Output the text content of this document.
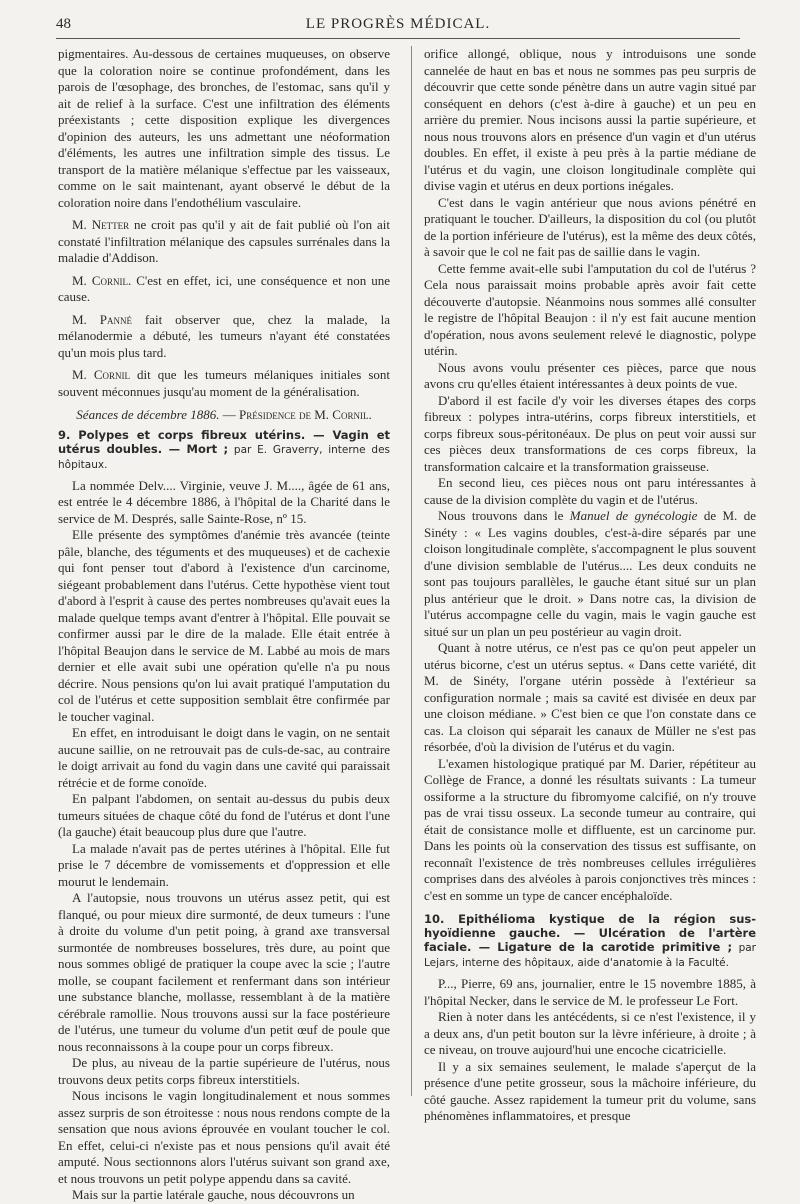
48	LE PROGRÈS MÉDICAL.

pigmentaires. Au-dessous de certaines muqueuses, on observe que la coloration noire se continue profondément, dans les parois de l'œsophage, des bronches, de l'estomac, sans qu'il y ait de relief à la surface. C'est une infiltration des éléments préexistants ; cette disposition explique les divergences d'opinion des auteurs, les uns admettant une néoformation d'éléments, les autres une infiltration simple des tissus. Le transport de la matière mélanique s'effectue par les vaisseaux, comme on le sait maintenant, ayant observé le début de la coloration noire dans l'endothélium vasculaire.

M. Netter ne croit pas qu'il y ait de fait publié où l'on ait constaté l'infiltration mélanique des capsules surrénales dans la maladie d'Addison.

M. Cornil. C'est en effet, ici, une conséquence et non une cause.

M. Panné fait observer que, chez la malade, la mélanodermie a débuté, les tumeurs n'ayant été constatées qu'un mois plus tard.

M. Cornil dit que les tumeurs mélaniques initiales sont souvent méconnues jusqu'au moment de la généralisation.

Séances de décembre 1886. — Présidence de M. Cornil.

9. Polypes et corps fibreux utérins. — Vagin et utérus doubles. — Mort ; par E. Graverry, interne des hôpitaux.

La nommée Delv.... Virginie, veuve J. M...., âgée de 61 ans, est entrée le 4 décembre 1886, à l'hôpital de la Charité dans le service de M. Després, salle Sainte-Rose, nº 15.

Elle présente des symptômes d'anémie très avancée (teinte pâle, blanche, des téguments et des muqueuses) et de cachexie qui font penser tout d'abord à l'existence d'un carcinome, siégeant probablement dans l'utérus. Cette hypothèse vient tout d'abord à l'esprit à cause des pertes nombreuses qu'avait eues la malade quelque temps avant d'entrer à l'hôpital. Elle pouvait se confirmer aussi par le dire de la malade. Elle était entrée à l'hôpital Beaujon dans le service de M. Labbé au mois de mars dernier et elle avait subi une opération qu'elle n'a pu nous décrire. Nous pensions qu'on lui avait pratiqué l'amputation du col de l'utérus et cette supposition semblait être confirmée par le toucher vaginal.

En effet, en introduisant le doigt dans le vagin, on ne sentait aucune saillie, on ne retrouvait pas de culs-de-sac, au contraire le doigt arrivait au fond du vagin dans une cavité qui paraissait rétrécie et de forme conoïde.

En palpant l'abdomen, on sentait au-dessus du pubis deux tumeurs situées de chaque côté du fond de l'utérus et dont l'une (la gauche) était beaucoup plus dure que l'autre.

La malade n'avait pas de pertes utérines à l'hôpital. Elle fut prise le 7 décembre de vomissements et d'oppression et elle mourut le lendemain.

A l'autopsie, nous trouvons un utérus assez petit, qui est flanqué, ou pour mieux dire surmonté, de deux tumeurs : l'une à droite du volume d'un petit poing, à grand axe transversal surmontée de nombreuses bosselures, très dure, au point que nous sommes obligé de pratiquer la coupe avec la scie ; l'autre molle, se coupant facilement et renfermant dans son intérieur une substance blanche, mollasse, ressemblant à de la matière cérébrale ramollie. Nous trouvons aussi sur la face postérieure de l'utérus, une tumeur du volume d'un petit œuf de poule que nous reconnaissons à la coupe pour un corps fibreux.

De plus, au niveau de la partie supérieure de l'utérus, nous trouvons deux petits corps fibreux interstitiels.

Nous incisons le vagin longitudinalement et nous sommes assez surpris de son étroitesse : nous nous rendons compte de la sensation que nous avions éprouvée en voulant toucher le col. En effet, celui-ci n'existe pas et nous pensions qu'il avait été amputé. Nous sectionnons alors l'utérus suivant son grand axe, et nous trouvons un petit polype appendu dans sa cavité.

Mais sur la partie latérale gauche, nous découvrons un

orifice allongé, oblique, nous y introduisons une sonde cannelée de haut en bas et nous ne sommes pas peu surpris de découvrir que cette sonde pénètre dans un autre vagin situé par conséquent en dehors (c'est à-dire à gauche) et un peu en arrière du premier. Nous incisons aussi la partie supérieure, et nous nous trouvons alors en présence d'un vagin et d'un utérus doubles. En effet, il existe à peu près à la partie médiane de l'utérus et du vagin, une cloison longitudinale complète qui divise vagin et utérus en deux portions inégales.

C'est dans le vagin antérieur que nous avions pénétré en pratiquant le toucher. D'ailleurs, la disposition du col (ou plutôt de la portion inférieure de l'utérus), est la même des deux côtés, à savoir que le col ne fait pas de saillie dans le vagin.

Cette femme avait-elle subi l'amputation du col de l'utérus ? Cela nous paraissait moins probable après avoir fait cette découverte d'autopsie. Néanmoins nous sommes allé consulter le registre de l'hôpital Beaujon : il n'y est fait aucune mention d'opération, nous avons seulement relevé le diagnostic, polype utérin.

Nous avons voulu présenter ces pièces, parce que nous avons cru qu'elles étaient intéressantes à deux points de vue.

D'abord il est facile d'y voir les diverses étapes des corps fibreux : polypes intra-utérins, corps fibreux interstitiels, et corps fibreux sous-péritonéaux. De plus on peut voir aussi sur ces pièces deux transformations de ces corps fibreux, la transformation calcaire et la transformation graisseuse.

En second lieu, ces pièces nous ont paru intéressantes à cause de la division complète du vagin et de l'utérus.

Nous trouvons dans le Manuel de gynécologie de M. de Sinéty : « Les vagins doubles, c'est-à-dire séparés par une cloison longitudinale complète, s'accompagnent le plus souvent d'une division semblable de l'utérus.... Les deux conduits ne sont pas toujours parallèles, le gauche étant situé sur un plan plus antérieur que le droit. » Dans notre cas, la division de l'utérus accompagne celle du vagin, mais le vagin gauche est situé sur un plan un peu postérieur au vagin droit.

Quant à notre utérus, ce n'est pas ce qu'on peut appeler un utérus bicorne, c'est un utérus septus. « Dans cette variété, dit M. de Sinéty, l'organe utérin possède à l'extérieur sa configuration normale ; mais sa cavité est divisée en deux par une cloison médiane. » C'est bien ce que l'on constate dans ce cas. La cloison qui séparait les canaux de Müller ne s'est pas résorbée, d'où la division de l'utérus et du vagin.

L'examen histologique pratiqué par M. Darier, répétiteur au Collège de France, a donné les résultats suivants : La tumeur ossiforme a la structure du fibromyome calcifié, on n'y trouve pas de vrai tissu osseux. La seconde tumeur au contraire, qui était de consistance molle et diffluente, est un carcinome pur. Dans les points où la conservation des tissus est suffisante, on reconnaît l'existence de très nombreuses cellules irrégulières comprises dans des alvéoles à parois conjonctives très minces : c'est en somme un type de cancer encéphaloïde.

10. Epithélioma kystique de la région sus-hyoïdienne gauche. — Ulcération de l'artère faciale. — Ligature de la carotide primitive ; par Lejars, interne des hôpitaux, aide d'anatomie à la Faculté.

P..., Pierre, 69 ans, journalier, entre le 15 novembre 1885, à l'hôpital Necker, dans le service de M. le professeur Le Fort.

Rien à noter dans les antécédents, si ce n'est l'existence, il y a deux ans, d'un petit bouton sur la lèvre inférieure, à droite ; à ce niveau, on trouve aujourd'hui une encoche cicatricielle.

Il y a six semaines seulement, le malade s'aperçut de la présence d'une petite grosseur, sous la mâchoire inférieure, du côté gauche. Assez rapidement la tumeur prit du volume, sans phénomènes inflammatoires, et presque
